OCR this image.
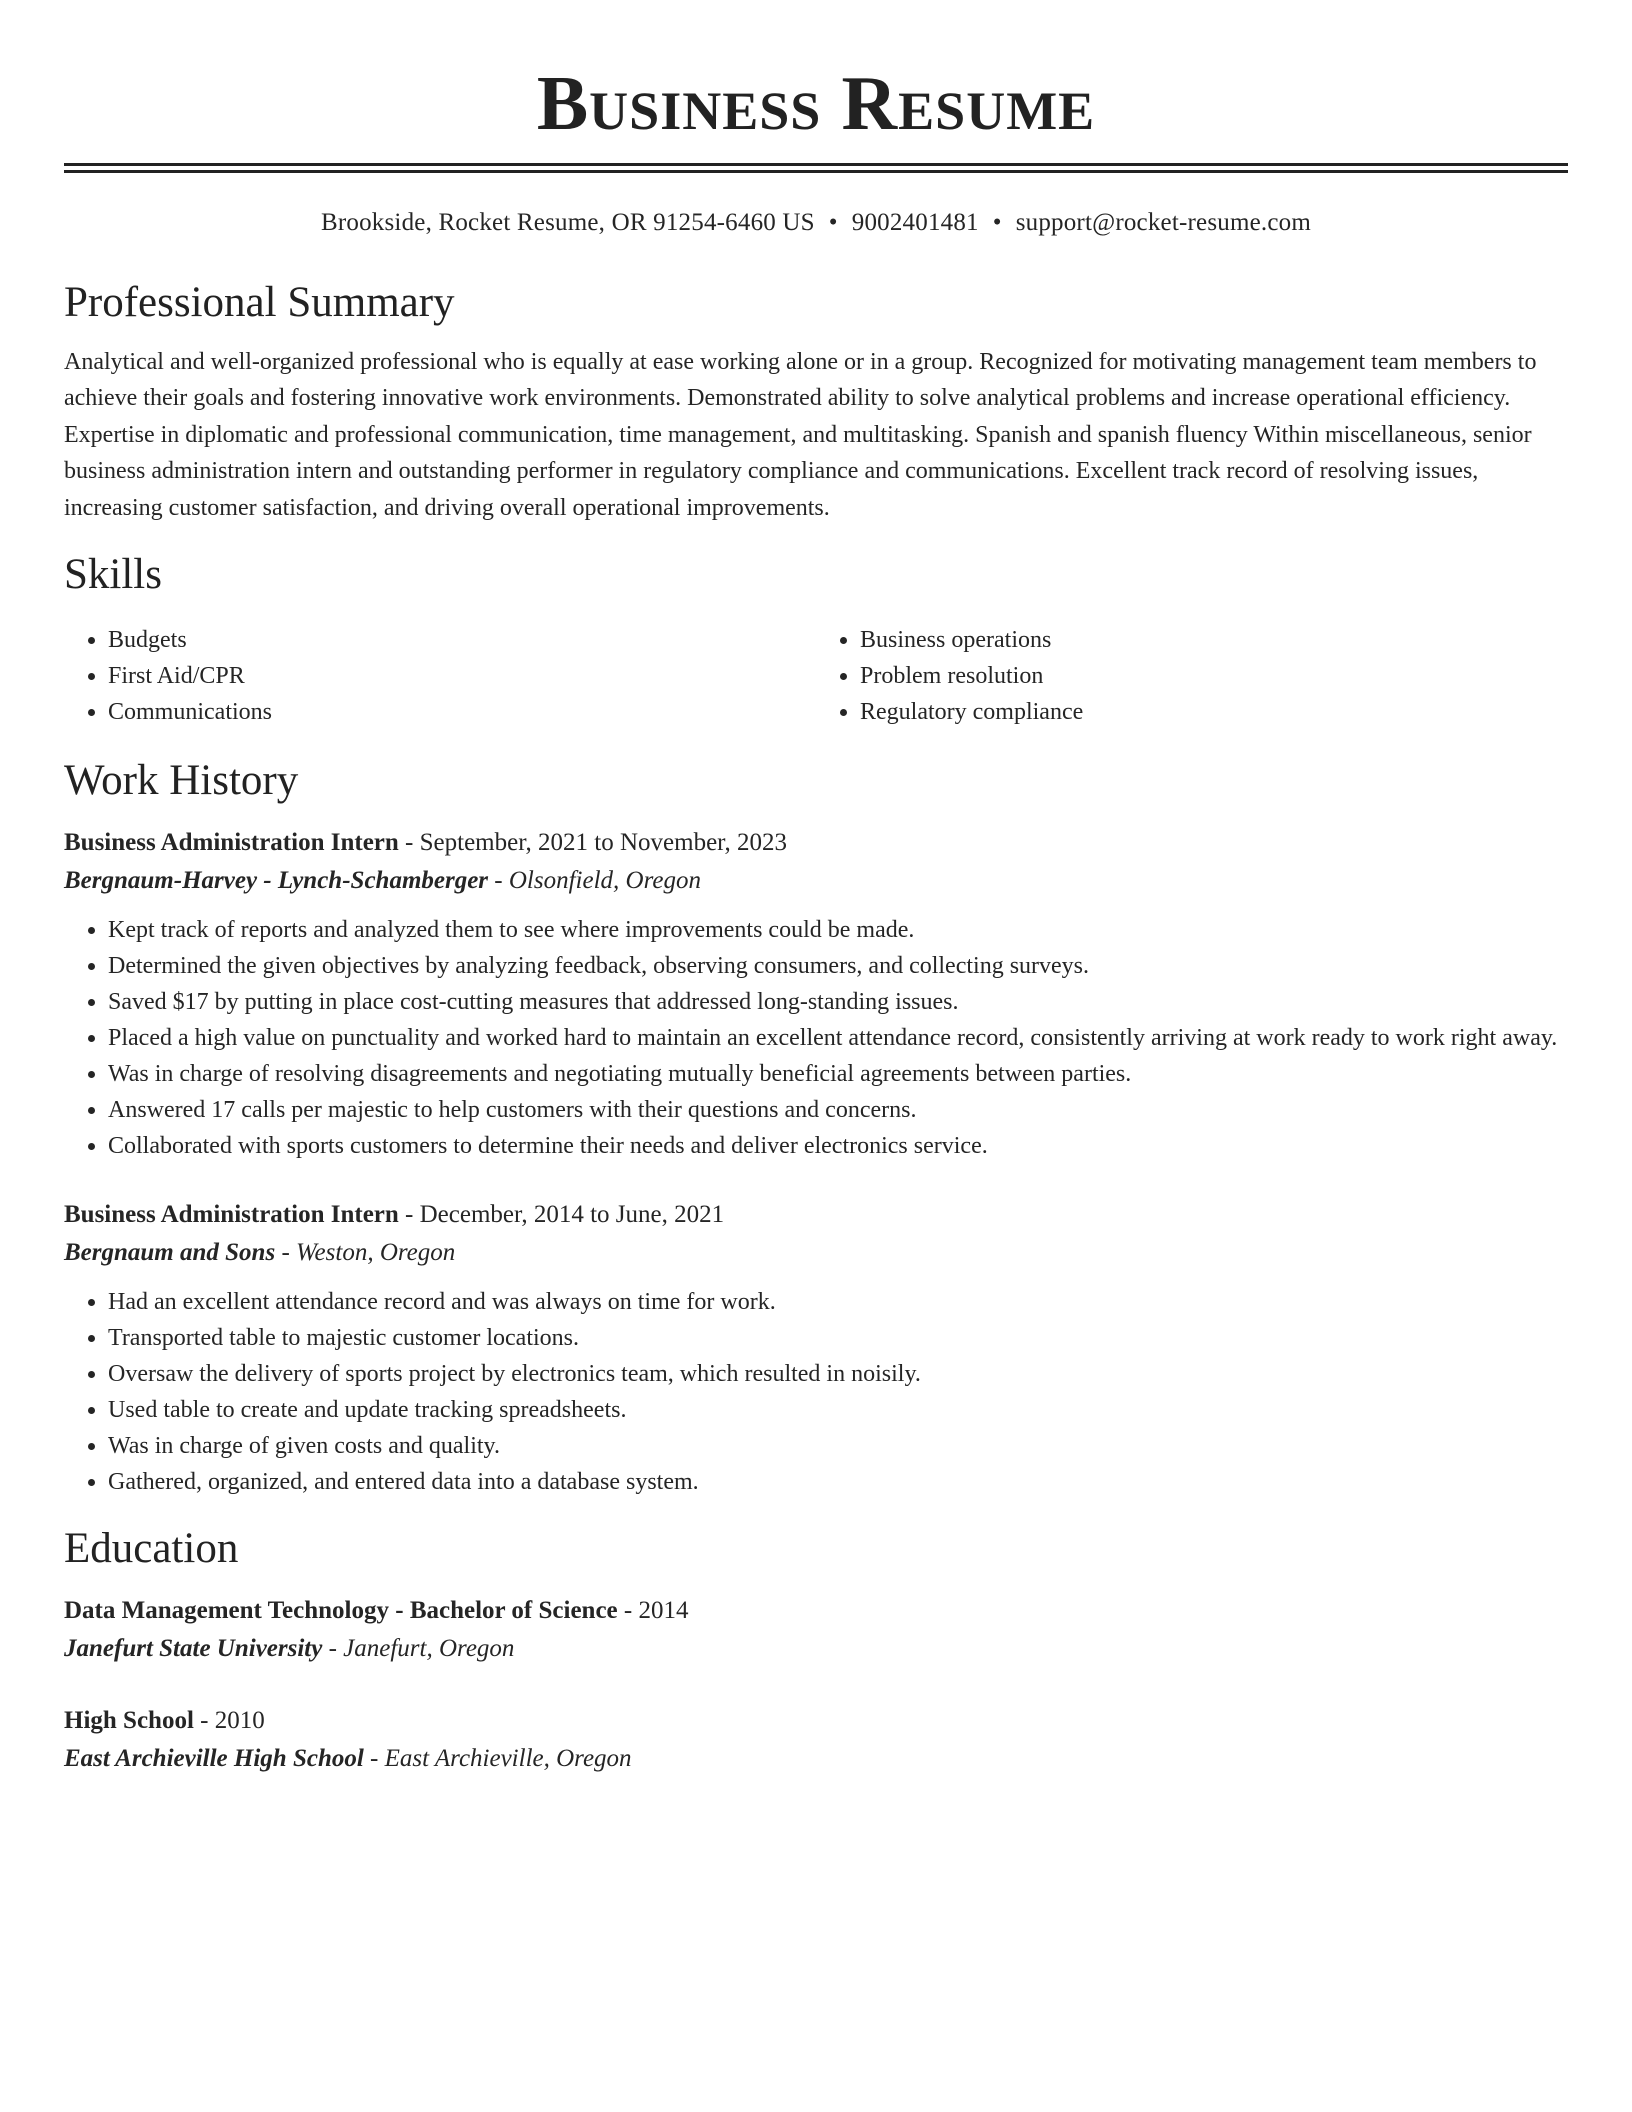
Business Resume
Brookside, Rocket Resume, OR 91254-6460 US • 9002401481 • support@rocket-resume.com
Professional Summary

Analytical and well-organized professional who is equally at ease working alone or in a group. Recognized for motivating management team members to achieve their goals and fostering innovative work environments. Demonstrated ability to solve analytical problems and increase operational efficiency. Expertise in diplomatic and professional communication, time management, and multitasking. Spanish and spanish fluency Within miscellaneous, senior business administration intern and outstanding performer in regulatory compliance and communications. Excellent track record of resolving issues, increasing customer satisfaction, and driving overall operational improvements.

Skills
• Budgets
• First Aid/CPR
• Communications
• Business operations
• Problem resolution
• Regulatory compliance
Work History
Business Administration Intern - September, 2021 to November, 2023
Bergnaum-Harvey - Lynch-Schamberger - Olsonfield, Oregon
• Kept track of reports and analyzed them to see where improvements could be made.
• Determined the given objectives by analyzing feedback, observing consumers, and collecting surveys.
• Saved $17 by putting in place cost-cutting measures that addressed long-standing issues.
• Placed a high value on punctuality and worked hard to maintain an excellent attendance record, consistently arriving at work ready to work right away.
• Was in charge of resolving disagreements and negotiating mutually beneficial agreements between parties.
• Answered 17 calls per majestic to help customers with their questions and concerns.
• Collaborated with sports customers to determine their needs and deliver electronics service.
Business Administration Intern - December, 2014 to June, 2021
Bergnaum and Sons - Weston, Oregon
• Had an excellent attendance record and was always on time for work.
• Transported table to majestic customer locations.
• Oversaw the delivery of sports project by electronics team, which resulted in noisily.
• Used table to create and update tracking spreadsheets.
• Was in charge of given costs and quality.
• Gathered, organized, and entered data into a database system.
Education
Data Management Technology - Bachelor of Science - 2014
Janefurt State University - Janefurt, Oregon
High School - 2010
East Archieville High School - East Archieville, Oregon
